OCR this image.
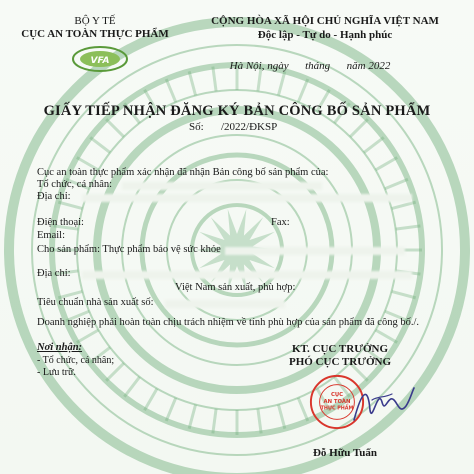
BỘ Y TẾ
CỤC AN TOÀN THỰC PHẨM
VFA
CỘNG HÒA XÃ HỘI CHỦ NGHĨA VIỆT NAM
Độc lập - Tự do - Hạnh phúc
Hà Nội, ngày      tháng      năm 2022
GIẤY TIẾP NHẬN ĐĂNG KÝ BẢN CÔNG BỐ SẢN PHẨM
Số: /2022/ĐKSP
Cục an toàn thực phẩm xác nhận đã nhận Bản công bố sản phẩm của:
Tổ chức, cá nhân:
Địa chỉ:
Điện thoại:	Fax:
Email:
Cho sản phẩm: Thực phẩm bảo vệ sức khỏe
Địa chỉ:
Việt Nam sản xuất, phù hợp:
Tiêu chuẩn nhà sản xuất số:
Doanh nghiệp phải hoàn toàn chịu trách nhiệm về tính phù hợp của sản phẩm đã công bố./.
Nơi nhận:
- Tổ chức, cá nhân;
- Lưu trữ.
KT. CỤC TRƯỞNG
PHÓ CỤC TRƯỞNG
CỤC
AN TOÀN
THỰC PHẨM
Đỗ Hữu Tuấn
